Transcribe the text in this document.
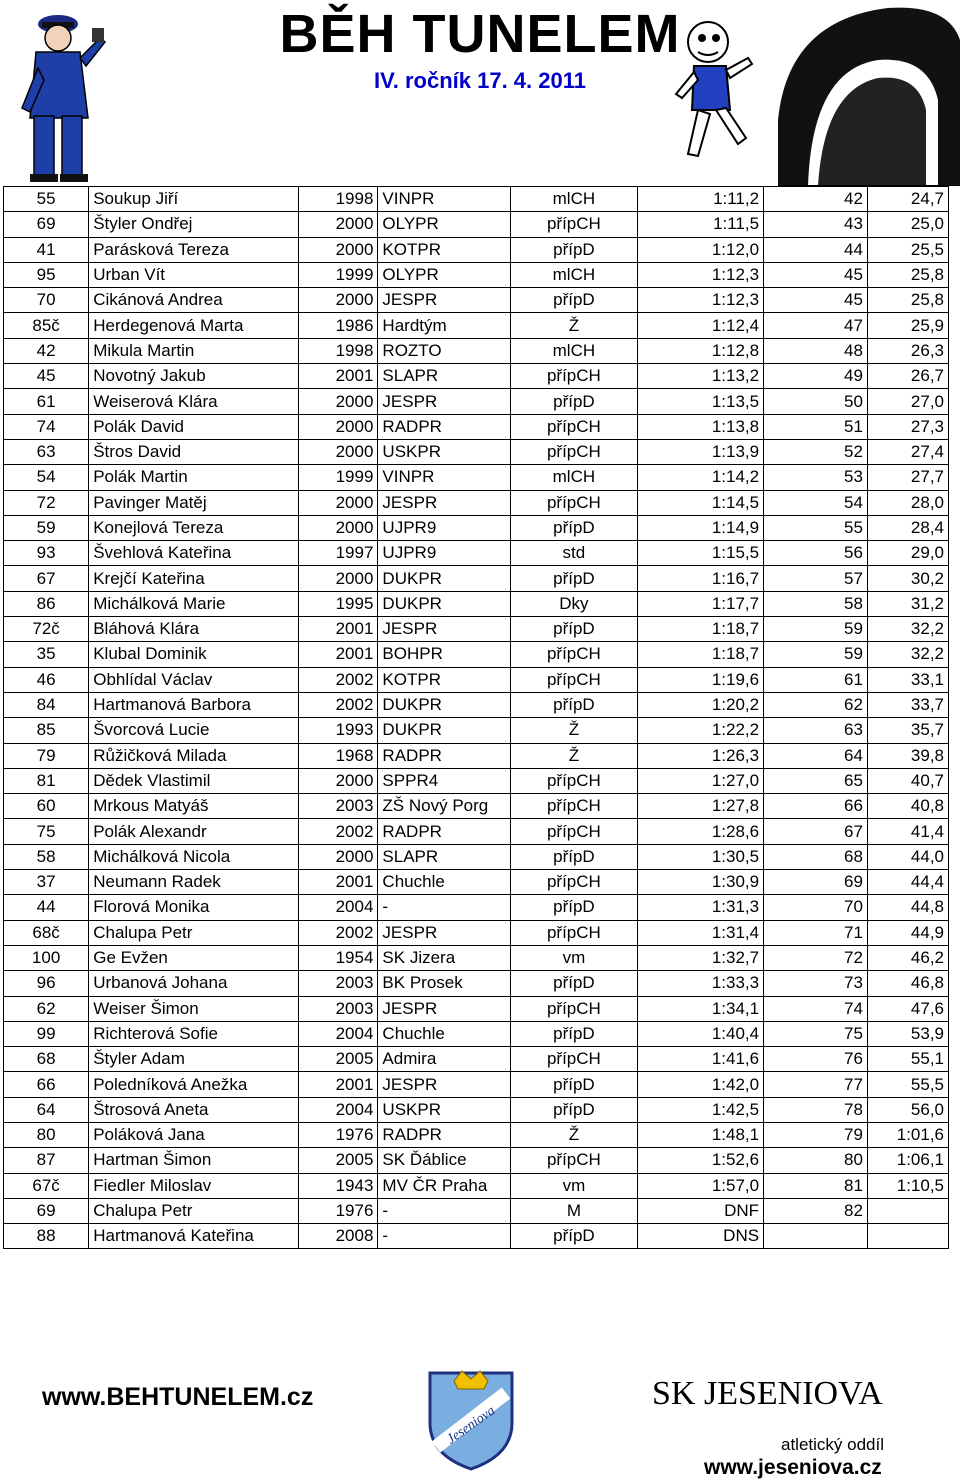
BĚH TUNELEM
IV. ročník 17. 4. 2011
55	Soukup Jiří	1998	VINPR	mlCH	1:11,2	42	24,7
69	Štyler Ondřej	2000	OLYPR	přípCH	1:11,5	43	25,0
41	Parásková Tereza	2000	KOTPR	přípD	1:12,0	44	25,5
95	Urban Vít	1999	OLYPR	mlCH	1:12,3	45	25,8
70	Cikánová Andrea	2000	JESPR	přípD	1:12,3	45	25,8
85č	Herdegenová Marta	1986	Hardtým	Ž	1:12,4	47	25,9
42	Mikula Martin	1998	ROZTO	mlCH	1:12,8	48	26,3
45	Novotný Jakub	2001	SLAPR	přípCH	1:13,2	49	26,7
61	Weiserová Klára	2000	JESPR	přípD	1:13,5	50	27,0
74	Polák David	2000	RADPR	přípCH	1:13,8	51	27,3
63	Štros David	2000	USKPR	přípCH	1:13,9	52	27,4
54	Polák Martin	1999	VINPR	mlCH	1:14,2	53	27,7
72	Pavinger Matěj	2000	JESPR	přípCH	1:14,5	54	28,0
59	Konejlová Tereza	2000	UJPR9	přípD	1:14,9	55	28,4
93	Švehlová Kateřina	1997	UJPR9	std	1:15,5	56	29,0
67	Krejčí Kateřina	2000	DUKPR	přípD	1:16,7	57	30,2
86	Michálková Marie	1995	DUKPR	Dky	1:17,7	58	31,2
72č	Bláhová Klára	2001	JESPR	přípD	1:18,7	59	32,2
35	Klubal Dominik	2001	BOHPR	přípCH	1:18,7	59	32,2
46	Obhlídal Václav	2002	KOTPR	přípCH	1:19,6	61	33,1
84	Hartmanová Barbora	2002	DUKPR	přípD	1:20,2	62	33,7
85	Švorcová Lucie	1993	DUKPR	Ž	1:22,2	63	35,7
79	Růžičková Milada	1968	RADPR	Ž	1:26,3	64	39,8
81	Dědek Vlastimil	2000	SPPR4	přípCH	1:27,0	65	40,7
60	Mrkous Matyáš	2003	ZŠ Nový Porg	přípCH	1:27,8	66	40,8
75	Polák Alexandr	2002	RADPR	přípCH	1:28,6	67	41,4
58	Michálková Nicola	2000	SLAPR	přípD	1:30,5	68	44,0
37	Neumann Radek	2001	Chuchle	přípCH	1:30,9	69	44,4
44	Florová Monika	2004	-	přípD	1:31,3	70	44,8
68č	Chalupa Petr	2002	JESPR	přípCH	1:31,4	71	44,9
100	Ge Evžen	1954	SK Jizera	vm	1:32,7	72	46,2
96	Urbanová Johana	2003	BK Prosek	přípD	1:33,3	73	46,8
62	Weiser Šimon	2003	JESPR	přípCH	1:34,1	74	47,6
99	Richterová Sofie	2004	Chuchle	přípD	1:40,4	75	53,9
68	Štyler Adam	2005	Admira	přípCH	1:41,6	76	55,1
66	Poledníková Anežka	2001	JESPR	přípD	1:42,0	77	55,5
64	Štrosová Aneta	2004	USKPR	přípD	1:42,5	78	56,0
80	Poláková Jana	1976	RADPR	Ž	1:48,1	79	1:01,6
87	Hartman Šimon	2005	SK Ďáblice	přípCH	1:52,6	80	1:06,1
67č	Fiedler Miloslav	1943	MV ČR Praha	vm	1:57,0	81	1:10,5
69	Chalupa Petr	1976	-	M	DNF	82	
88	Hartmanová Kateřina	2008	-	přípD	DNS		
www.BEHTUNELEM.cz
Jeseniova
SK JESENIOVA
atletický oddíl
www.jeseniova.cz
